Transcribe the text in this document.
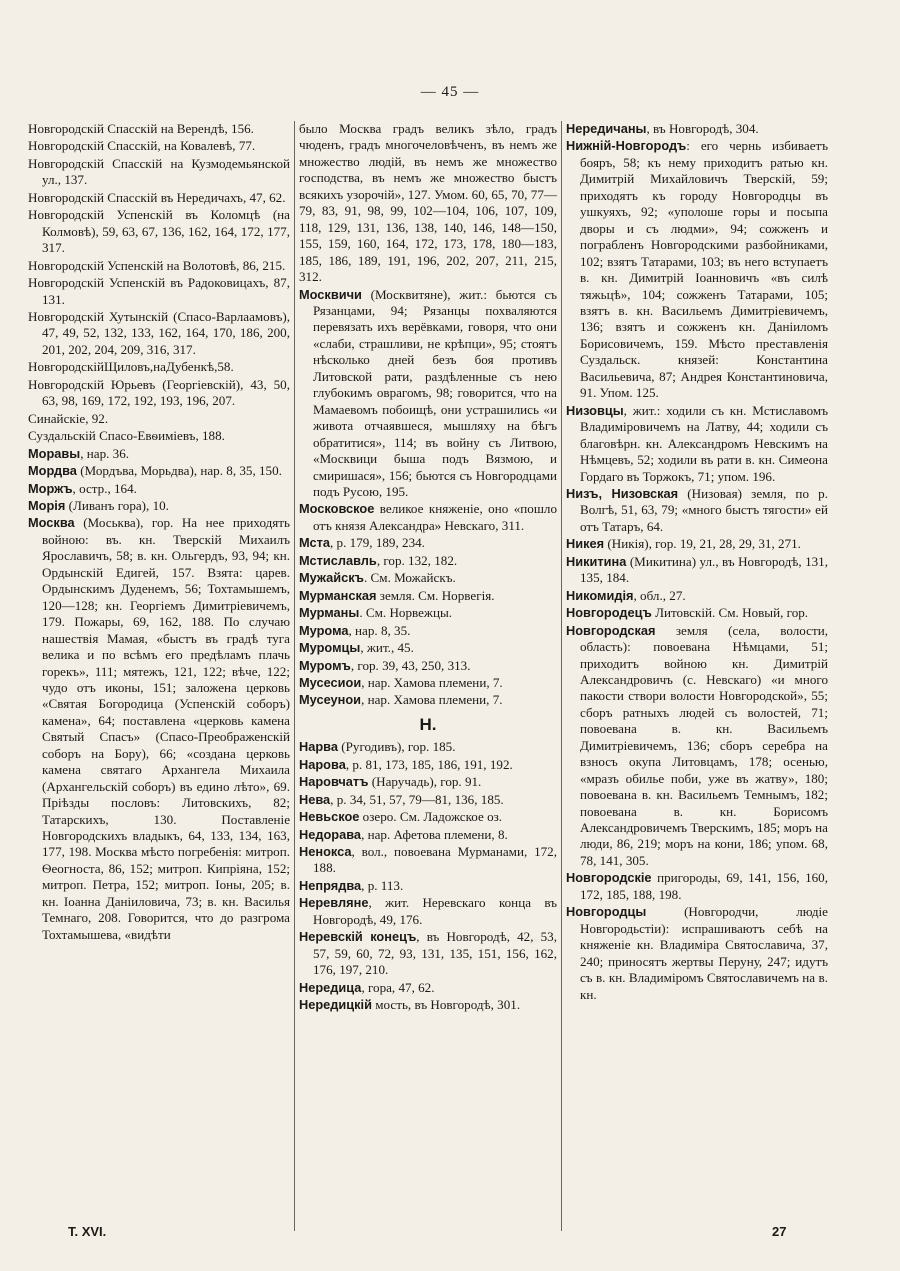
— 45 —
Новгородскій Спасскій на Верендѣ, 156.
Новгородскій Спасскій, на Ковалевѣ, 77.
Новгородскій Спасскій на Кузмодемьянской ул., 137.
Новгородскій Спасскій въ Нередичахъ, 47, 62.
Новгородскій Успенскій въ Коломцѣ (на Колмовѣ), 59, 63, 67, 136, 162, 164, 172, 177, 317.
Новгородскій Успенскій на Волотовѣ, 86, 215.
Новгородскій Успенскій въ Радоковицахъ, 87, 131.
Новгородскій Хутынскій (Спасо-Варлаамовъ), 47, 49, 52, 132, 133, 162, 164, 170, 186, 200, 201, 202, 204, 209, 316, 317.
НовгородскійЩиловъ,наДубенкѣ,58.
Новгородскій Юрьевъ (Георгіевскій), 43, 50, 63, 98, 169, 172, 192, 193, 196, 207.
Синайскіе, 92.
Суздальскій Спасо-Евѳиміевъ, 188.
Моравы, нар. 36.
Мордва (Мордъва, Морьдва), нар. 8, 35, 150.
Моржъ, остр., 164.
Морія (Ливанъ гора), 10.
Москва (Моськва), гор. На нее приходять войною: въ. кн. Тверскій Михаилъ Ярославичъ, 58; в. кн. Ольгердъ, 93, 94; кн. Ордынскій Едигей, 157. Взята: царев. Ордынскимъ Дуденемъ, 56; Тохтамышемъ, 120—128; кн. Георгіемъ Димитріевичемъ, 179. Пожары, 69, 162, 188. По случаю нашествія Мамая, «быстъ въ градѣ туга велика и по всѣмъ его предѣламъ плачь горекъ», 111; мятежъ, 121, 122; вѣче, 122; чудо отъ иконы, 151; заложена церковь «Святая Богородица (Успенскій соборъ) камена», 64; поставлена «церковь камена Святый Спасъ» (Спасо-Преображенскій соборъ на Бору), 66; «создана церковь камена святаго Архангела Михаила (Архангельскій соборъ) въ едино лѣто», 69. Пріѣзды пословъ: Литовскихъ, 82; Татарскихъ, 130. Поставленіе Новгородскихъ владыкъ, 64, 133, 134, 163, 177, 198. Москва мѣсто погребенія: митроп. Ѳеогноста, 86, 152; митроп. Кипріяна, 152; митроп. Петра, 152; митроп. Іоны, 205; в. кн. Іоанна Даніиловича, 73; в. кн. Василья Темнаго, 208. Говорится, что до разгрома Тохтамышева, «видѣти
было Москва градъ великъ зѣло, градъ чюденъ, градъ многочеловѣченъ, въ немъ же множество людій, въ немъ же множество господства, въ немъ же множество быстъ всякихъ узорочій», 127. Умом. 60, 65, 70, 77—79, 83, 91, 98, 99, 102—104, 106, 107, 109, 118, 129, 131, 136, 138, 140, 146, 148—150, 155, 159, 160, 164, 172, 173, 178, 180—183, 185, 186, 189, 191, 196, 202, 207, 211, 215, 312.
Москвичи (Москвитяне), жит.: бьются съ Рязанцами, 94; Рязанцы похваляются перевязать ихъ верёвками, говоря, что они «слаби, страшливи, не крѣпци», 95; стоятъ нѣсколько дней безъ боя противъ Литовской рати, раздѣленные съ нею глубокимъ оврагомъ, 98; говорится, что на Мамаевомъ побоищѣ, они устрашились «и живота отчаявшеся, мышляху на бѣгъ обратитися», 114; въ войну съ Литвою, «Москвици быша подъ Вязмою, и смиришася», 156; бьются съ Новгородцами подъ Русою, 195.
Московское великое княженіе, оно «пошло отъ князя Александра» Невскаго, 311.
Мста, р. 179, 189, 234.
Мстиславль, гор. 132, 182.
Мужайскъ. См. Можайскъ.
Мурманская земля. См. Норвегія.
Мурманы. См. Норвежцы.
Мурома, нар. 8, 35.
Муромцы, жит., 45.
Муромъ, гор. 39, 43, 250, 313.
Мусесиои, нар. Хамова племени, 7.
Мусеунои, нар. Хамова племени, 7.
Н.
Нарва (Ругодивъ), гор. 185.
Нарова, р. 81, 173, 185, 186, 191, 192.
Наровчатъ (Наручадь), гор. 91.
Нева, р. 34, 51, 57, 79—81, 136, 185.
Невьское озеро. См. Ладожское оз.
Недорава, нар. Афетова племени, 8.
Ненокса, вол., повоевана Мурманами, 172, 188.
Непрядва, р. 113.
Неревляне, жит. Неревскаго конца въ Новгородѣ, 49, 176.
Неревскій конецъ, въ Новгородѣ, 42, 53, 57, 59, 60, 72, 93, 131, 135, 151, 156, 162, 176, 197, 210.
Нередица, гора, 47, 62.
Нередицкій мость, въ Новгородѣ, 301.
Нередичаны, въ Новгородѣ, 304.
Нижній-Новгородъ: его чернь избиваетъ бояръ, 58; къ нему приходитъ ратью кн. Димитрій Михайловичъ Тверскій, 59; приходятъ къ городу Новгородцы въ ушкуяхъ, 92; «уполоше горы и посыпа дворы и съ людми», 94; сожженъ и пограбленъ Новгородскими разбойниками, 102; взятъ Татарами, 103; въ него вступаетъ в. кн. Димитрій Іоанновичъ «въ силѣ тяжьцѣ», 104; сожженъ Татарами, 105; взятъ в. кн. Васильемъ Димитріевичемъ, 136; взятъ и сожженъ кн. Даніиломъ Борисовичемъ, 159. Мѣсто преставленія Суздальск. князей: Константина Васильевича, 87; Андрея Константиновича, 91. Упом. 125.
Низовцы, жит.: ходили съ кн. Мстиславомъ Владиміровичемъ на Латву, 44; ходили съ благовѣрн. кн. Александромъ Невскимъ на Нѣмцевъ, 52; ходили въ рати в. кн. Симеона Гордаго въ Торжокъ, 71; упом. 196.
Низъ, Низовская (Низовая) земля, по р. Волгѣ, 51, 63, 79; «много быстъ тягости» ей отъ Татаръ, 64.
Никея (Никія), гор. 19, 21, 28, 29, 31, 271.
Никитина (Микитина) ул., въ Новгородѣ, 131, 135, 184.
Никомидія, обл., 27.
Новгородецъ Литовскій. См. Новый, гор.
Новгородская земля (села, волости, область): повоевана Нѣмцами, 51; приходитъ войною кн. Димитрій Александровичъ (с. Невскаго) «и много пакости створи волости Новгородской», 55; сборъ ратныхъ людей съ волостей, 71; повоевана в. кн. Васильемъ Димитріевичемъ, 136; сборъ серебра на взносъ окупа Литовцамъ, 178; осенью, «мразъ обилье поби, уже въ жатву», 180; повоевана в. кн. Васильемъ Темнымъ, 182; повоевана в. кн. Борисомъ Александровичемъ Тверскимъ, 185; моръ на люди, 86, 219; моръ на кони, 186; упом. 68, 78, 141, 305.
Новгородскіе пригороды, 69, 141, 156, 160, 172, 185, 188, 198.
Новгородцы (Новгородчи, людіе Новгородьстіи): испрашиваютъ себѣ на княженіе кн. Владиміра Святославича, 37, 240; приносятъ жертвы Перуну, 247; идутъ съ в. кн. Владиміромъ Святославичемъ на в. кн.
Т. XVI.	27
